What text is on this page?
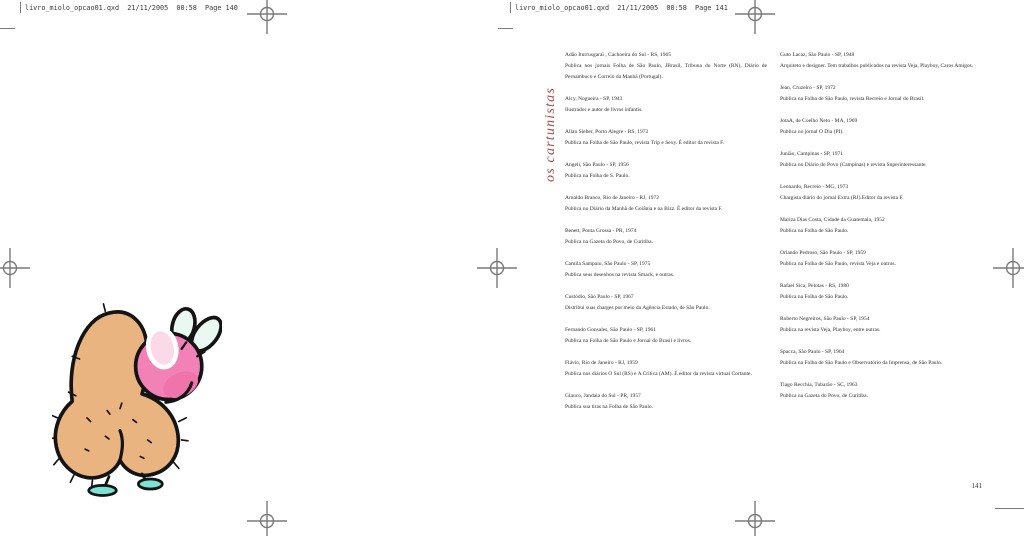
livro_miolo_opcao01.qxd  21/11/2005  00:58  Page 140	livro_miolo_opcao01.qxd  21/11/2005  00:58  Page 141
os cartunistas
Adão Iturrusgarai , Cachoeira do Sul - RS, 1965
Publica nos jornais Folha de São Paulo, JBrasil, Tribuna do Norte (RN), Diário de Pernambuco e Correio da Manhã (Portugal).
Alcy, Nogueira - SP, 1943
Ilustrador e autor de livros infantis.
Allan Sieber, Porto Alegre - RS, 1972
Publica na Folha de São Paulo, revista Trip e Sexy. É editor da revista F.
Angeli, São Paulo - SP, 1956
Publica na Folha de S. Paulo.
Arnaldo Branco, Rio de Janeiro - RJ, 1972
Publica no Diário da Manhã de Goiânia e na Bizz. É editor da revista F.
Benett, Ponta Grossa - PR, 1974
Publica na Gazeta do Povo, de Curitiba.
Camila Sampaio, São Paulo - SP, 1975
Publica seus desenhos na revista Smack, e outras.
Custódio, São Paulo - SP, 1967
Distribui suas charges por meio da Agência Estado, de São Paulo.
Fernando Gonsales, São Paulo - SP, 1961
Publica na Folha de São Paulo e Jornal do Brasil e livros.
Flávio, Rio de Janeiro - RJ, 1959
Publica nos diários O Sul (RS) e A Crítica (AM). É editor da revista virtual Cortante.
Glauco, Jandaia do Sul - PR, 1957
Publica sua tiras na Folha de São Paulo.
Guto Lacaz, São Paulo - SP, 1948
Arquiteto e designer. Tem trabalhos publicados na revista Veja, Playboy, Caros Amigos.
Jean, Cruzeiro - SP, 1972
Publica na Folha de São Paulo, revista Recreio e Jornal do Brasil.
JotaA, de Coelho Neto - MA, 1969
Publica no jornal O Dia (PI).
Junião, Campinas - SP, 1971
Publica no Diário do Povo (Campinas) e revista Superinteressante.
Leonardo, Recreio - MG, 1973
Chargista diário do jornal Extra (RJ).Editor da revista F.
Mariza Dias Costa, Cidade da Guatemala, 1952
Publica na Folha de São Paulo.
Orlando Pedroso, São Paulo - SP, 1959
Publica na Folha de São Paulo, revista Veja e outros.
Rafael Sica, Pelotas - RS, 1980
Publica na Folha de São Paulo.
Roberto Negreiros, São Paulo - SP, 1954
Publica na revista Veja, Playboy, entre outras.
Spacca, São Paulo - SP, 1964
Publica na Folha de São Paulo e Observatório da Imprensa, de São Paulo.
Tiago Recchia, Tubarão - SC, 1963
Publica na Gazeta do Povo, de Curitiba.
141
